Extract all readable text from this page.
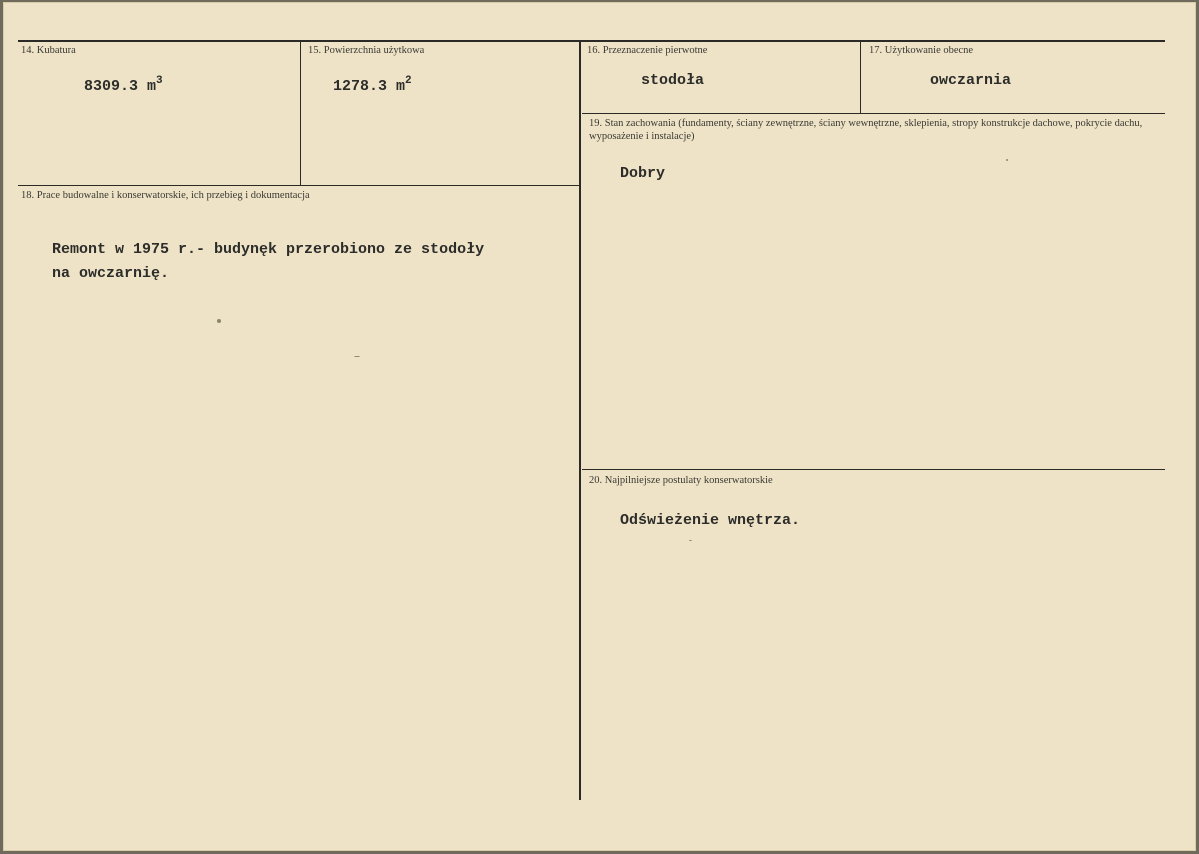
14. Kubatura
8309.3 $m^3$
15. Powierzchnia użytkowa
1278.3 $m^2$
16. Przeznaczenie pierwotne
stodoła
17. Użytkowanie obecne
owczarnia
18. Prace budowalne i konserwatorskie, ich przebieg i dokumentacja
Remont w 1975 r.- budynęk przerobiono ze stodoły
na owczarnię.
19. Stan zachowania (fundamenty, ściany zewnętrzne, ściany wewnętrzne, sklepienia, stropy konstrukcje dachowe, pokrycie dachu, wyposażenie i instalacje)
Dobry
20. Najpilniejsze postulaty konserwatorskie
Odświeżenie wnętrza.
